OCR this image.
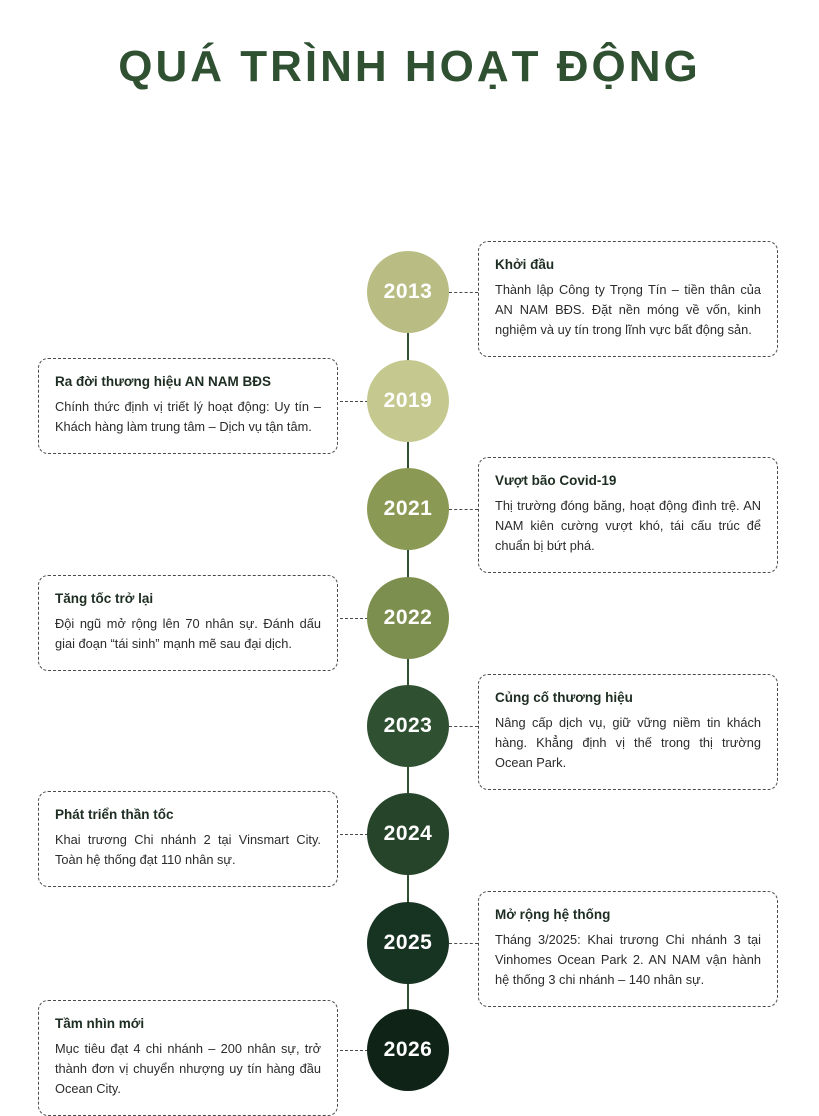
QUÁ TRÌNH HOẠT ĐỘNG
2013

Khởi đầu

Thành lập Công ty Trọng Tín – tiền thân của AN NAM BĐS. Đặt nền móng về vốn, kinh nghiệm và uy tín trong lĩnh vực bất động sản.

2019

Ra đời thương hiệu AN NAM BĐS

Chính thức định vị triết lý hoạt động: Uy tín – Khách hàng làm trung tâm – Dịch vụ tận tâm.

2021

Vượt bão Covid-19

Thị trường đóng băng, hoạt động đình trệ. AN NAM kiên cường vượt khó, tái cấu trúc để chuẩn bị bứt phá.

2022

Tăng tốc trở lại

Đội ngũ mở rộng lên 70 nhân sự. Đánh dấu giai đoạn “tái sinh” mạnh mẽ sau đại dịch.

2023

Củng cố thương hiệu

Nâng cấp dịch vụ, giữ vững niềm tin khách hàng. Khẳng định vị thế trong thị trường Ocean Park.

2024

Phát triển thần tốc

Khai trương Chi nhánh 2 tại Vinsmart City. Toàn hệ thống đạt 110 nhân sự.

2025

Mở rộng hệ thống

Tháng 3/2025: Khai trương Chi nhánh 3 tại Vinhomes Ocean Park 2. AN NAM vận hành hệ thống 3 chi nhánh – 140 nhân sự.

2026

Tầm nhìn mới

Mục tiêu đạt 4 chi nhánh – 200 nhân sự, trở thành đơn vị chuyển nhượng uy tín hàng đầu Ocean City.
